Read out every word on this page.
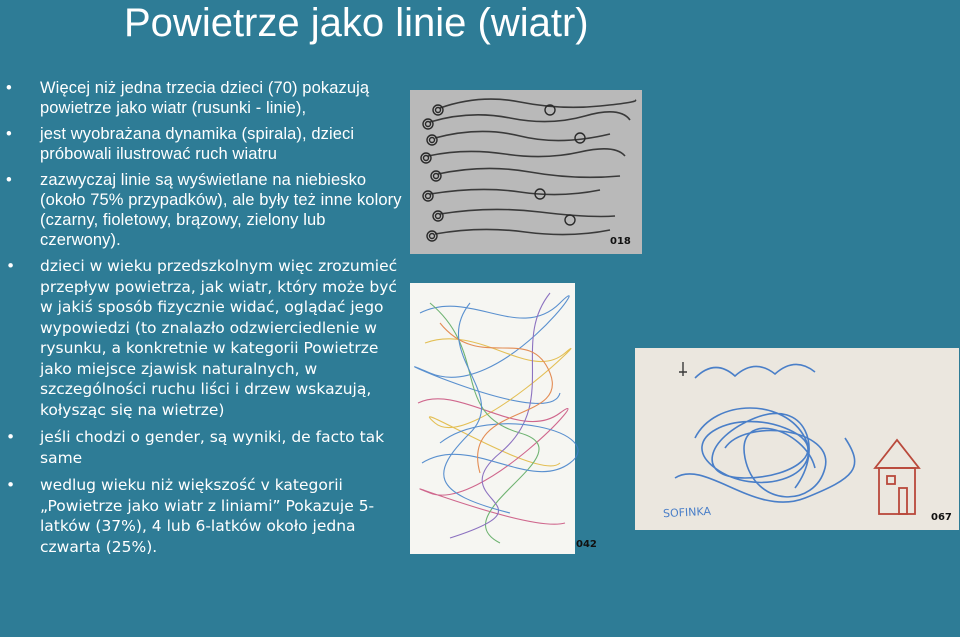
Powietrze jako linie (wiatr)
• Więcej niż jedna trzecia dzieci (70) pokazują powietrze jako wiatr (rusunki - linie),
• jest wyobrażana dynamika (spirala), dzieci próbowali ilustrować ruch wiatru
• zazwyczaj linie są wyświetlane na niebiesko (około 75% przypadków), ale były też inne kolory (czarny, fioletowy, brązowy, zielony lub czerwony).
• dzieci w wieku przedszkolnym więc zrozumieć przepływ powietrza, jak wiatr, który może być w jakiś sposób fizycznie widać, oglądać jego wypowiedzi (to znalazło odzwierciedlenie w rysunku, a konkretnie w kategorii Powietrze jako miejsce zjawisk naturalnych, w szczególności ruchu liści i drzew wskazują, kołysząc się na wietrze)
• jeśli chodzi o gender, są wyniki, de facto tak same
• wedlug wieku niż większość v kategorii „Powietrze jako wiatr z liniami” Pokazuje 5-latków (37%), 4 lub 6-latków około jedna czwarta (25%).
018
042
SOFINKA	067
